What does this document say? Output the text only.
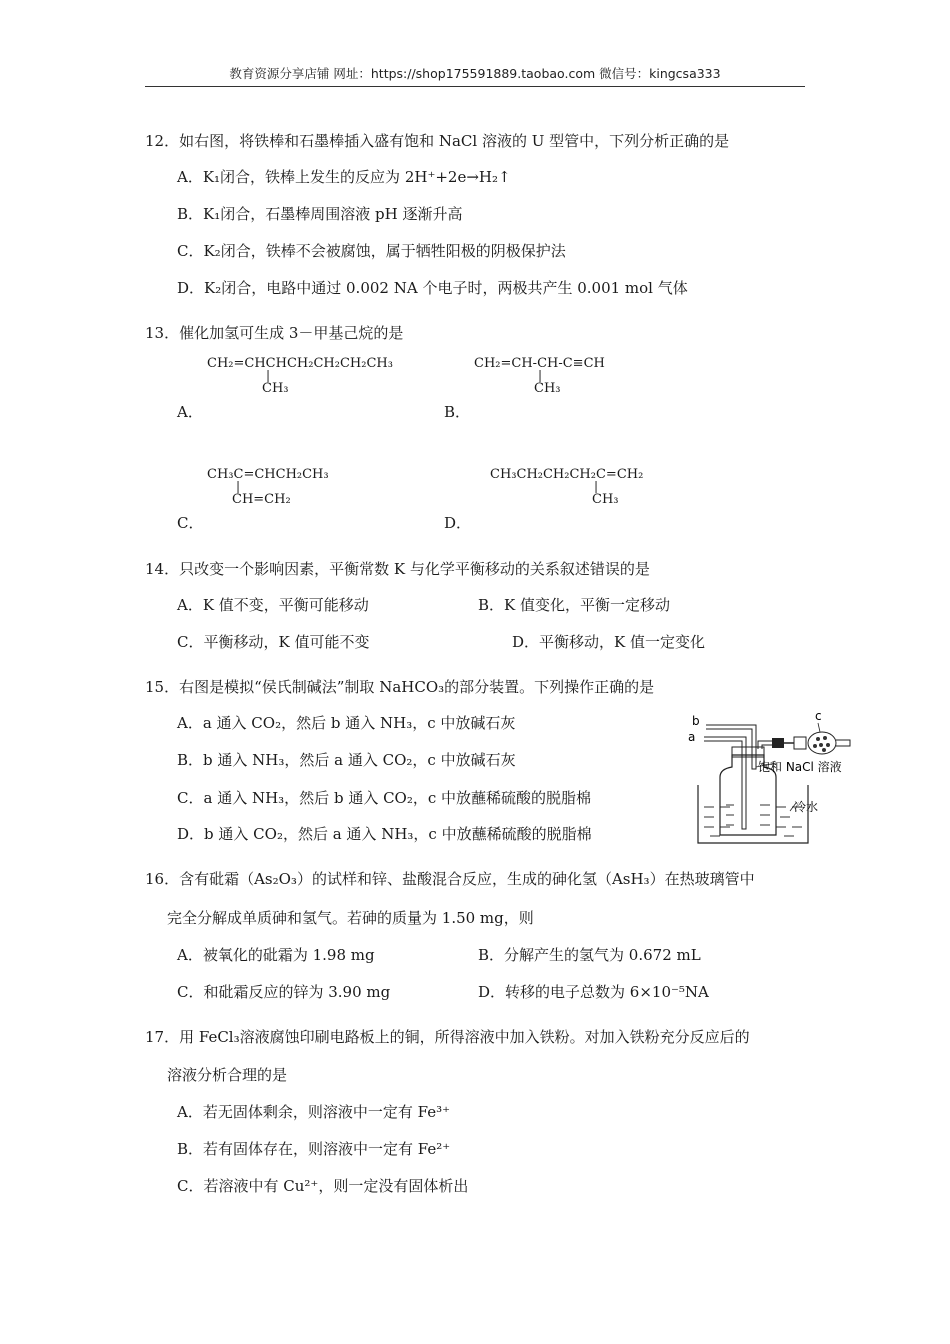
教育资源分享店铺 网址：https://shop175591889.taobao.com 微信号：kingcsa333
12．如右图，将铁棒和石墨棒插入盛有饱和 NaCl 溶液的 U 型管中，下列分析正确的是
A．K₁闭合，铁棒上发生的反应为 2H⁺+2e→H₂↑
B．K₁闭合，石墨棒周围溶液 pH 逐渐升高
C．K₂闭合，铁棒不会被腐蚀，属于牺牲阳极的阴极保护法
D．K₂闭合，电路中通过 0.002 NA 个电子时，两极共产生 0.001 mol 气体
13．催化加氢可生成 3－甲基己烷的是
CH₂=CHCHCH₂CH₂CH₂CH₃
|
CH₃
A．
CH₂=CH-CH-C≡CH
|
CH₃
B．
CH₃C=CHCH₂CH₃
|
CH=CH₂
C．
CH₃CH₂CH₂CH₂C=CH₂
|
CH₃
D．
14．只改变一个影响因素，平衡常数 K 与化学平衡移动的关系叙述错误的是
A．K 值不变，平衡可能移动	B．K 值变化，平衡一定移动
C．平衡移动，K 值可能不变	D．平衡移动，K 值一定变化
15．右图是模拟“侯氏制碱法”制取 NaHCO₃的部分装置。下列操作正确的是
A．a 通入 CO₂，然后 b 通入 NH₃，c 中放碱石灰
B．b 通入 NH₃，然后 a 通入 CO₂，c 中放碱石灰
C．a 通入 NH₃，然后 b 通入 CO₂，c 中放蘸稀硫酸的脱脂棉
D．b 通入 CO₂，然后 a 通入 NH₃，c 中放蘸稀硫酸的脱脂棉
b
a
c
饱和 NaCl 溶液
冷水
16．含有砒霜（As₂O₃）的试样和锌、盐酸混合反应，生成的砷化氢（AsH₃）在热玻璃管中
完全分解成单质砷和氢气。若砷的质量为 1.50 mg，则
A．被氧化的砒霜为 1.98 mg	B．分解产生的氢气为 0.672 mL
C．和砒霜反应的锌为 3.90 mg	D．转移的电子总数为 6×10⁻⁵NA
17．用 FeCl₃溶液腐蚀印刷电路板上的铜，所得溶液中加入铁粉。对加入铁粉充分反应后的
溶液分析合理的是
A．若无固体剩余，则溶液中一定有 Fe³⁺
B．若有固体存在，则溶液中一定有 Fe²⁺
C．若溶液中有 Cu²⁺，则一定没有固体析出
